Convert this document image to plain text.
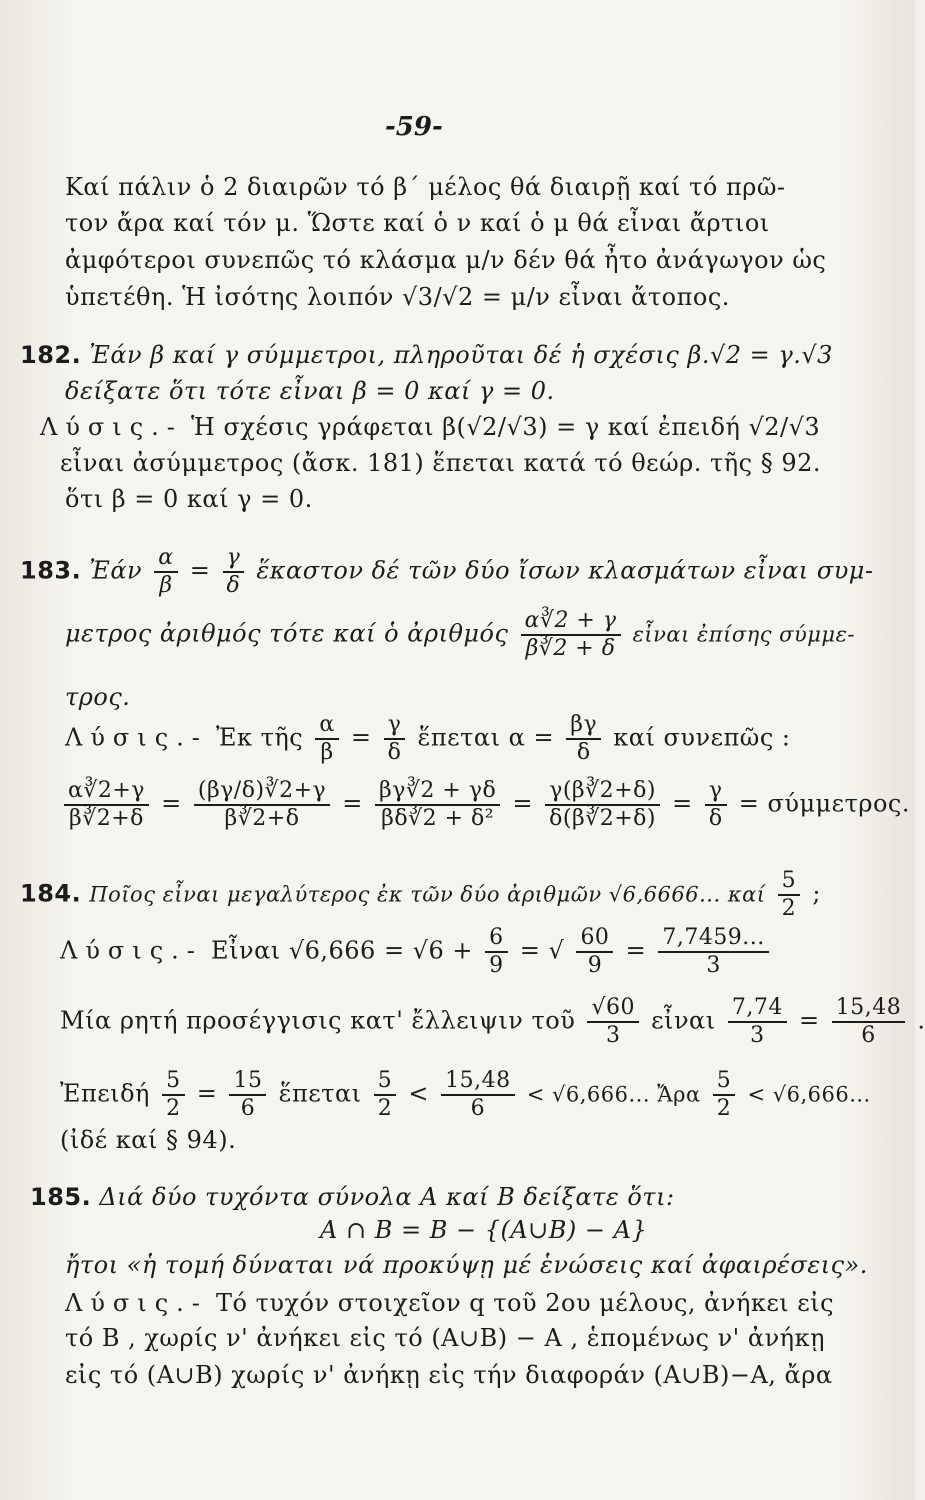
-59-
Καί πάλιν ὁ 2 διαιρῶν τό β΄ μέλος θά διαιρῇ καί τό πρῶ-
τον ἄρα καί τόν μ. Ὥστε καί ὁ ν καί ὁ μ θά εἶναι ἄρτιοι
ἀμφότεροι συνεπῶς τό κλάσμα μ/ν δέν θά ἦτο ἀνάγωγον ὡς
ὑπετέθη. Ἡ ἰσότης λοιπόν √3/√2 = μ/ν εἶναι ἄτοπος.
182. Ἐάν β καί γ σύμμετροι, πληροῦται δέ ἡ σχέσις β.√2 = γ.√3
δείξατε ὅτι τότε εἶναι β = 0 καί γ = 0.
Λύσις.- Ἡ σχέσις γράφεται β(√2/√3) = γ καί ἐπειδή √2/√3
εἶναι ἀσύμμετρος (ἄσκ. 181) ἕπεται κατά τό θεώρ. τῆς § 92.
ὅτι β = 0 καί γ = 0.
183. Ἐάν $\frac{\alpha}{\beta} = \frac{\gamma}{\delta}$ ἕκαστον δέ τῶν δύο ἴσων κλασμάτων εἶναι συμ-
μετρος ἀριθμός τότε καί ὁ ἀριθμός $\frac{\alpha∛2 + \gamma}{\beta∛2 + \delta}$ εἶναι ἐπίσης σύμμε-
τρος.
Λύσις.- Ἐκ τῆς $\frac{\alpha}{\beta} = \frac{\gamma}{\delta}$ ἕπεται $\alpha = \frac{\beta\gamma}{\delta}$ καί συνεπῶς :
$\frac{\alpha∛2+\gamma}{\beta∛2+\delta} = \frac{(\beta\gamma/\delta)∛2+\gamma}{\beta∛2+\delta} = \frac{\beta\gamma∛2 + \gamma\delta}{\text{βδ∛2 + δ²}} = \frac{\gamma(\beta∛2+\delta)}{\delta(\beta∛2+\delta)} = \frac{\gamma}{\delta} = \sigma ύ\mu\mu\varepsilon\tau\rho o\varsigma$.
184. Ποῖος εἶναι μεγαλύτερος ἐκ τῶν δύο ἀριθμῶν √6,6666... καί $\frac{5}{2}$ ;
Λύσις.- Εἶναι $√6,666 = √6 + \frac{6}{9}$ = √ $\frac{60}{9} = \frac{7,7459...}{3}$
Μία ρητή προσέγγισις κατ' ἔλλειψιν τοῦ $\frac{√60}{3}$ εἶναι $\frac{7,74}{3} = \frac{15,48}{6}$ .
Ἐπειδή $\frac{5}{2} = \frac{15}{6}$ ἕπεται $\frac{5}{2} < \frac{15,48}{6} < √6,666$... Ἄρα $\frac{5}{2} < √6,666$...
(ἰδέ καί § 94).
185. Διά δύο τυχόντα σύνολα Α καί Β δείξατε ὅτι:
Α ∩ Β = Β − {(Α∪Β) − Α}
ἤτοι «ἡ τομή δύναται νά προκύψῃ μέ ἑνώσεις καί ἀφαιρέσεις».
Λύσις.- Τό τυχόν στοιχεῖον q τοῦ 2ου μέλους, ἀνήκει εἰς
τό Β , χωρίς ν' ἀνήκει εἰς τό (Α∪Β) − Α , ἑπομένως ν' ἀνήκῃ
εἰς τό (Α∪Β) χωρίς ν' ἀνήκῃ εἰς τήν διαφοράν (Α∪Β)−Α, ἄρα
